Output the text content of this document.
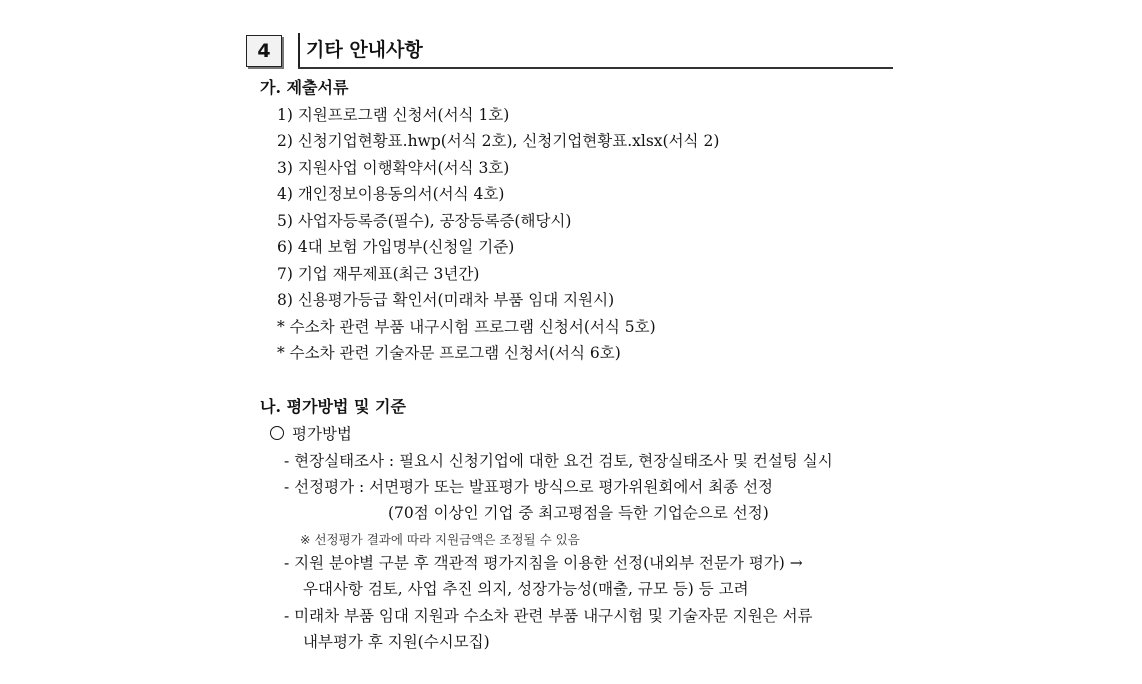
4	기타 안내사항
가. 제출서류
1) 지원프로그램 신청서(서식 1호)
2) 신청기업현황표.hwp(서식 2호), 신청기업현황표.xlsx(서식 2)
3) 지원사업 이행확약서(서식 3호)
4) 개인정보이용동의서(서식 4호)
5) 사업자등록증(필수), 공장등록증(해당시)
6) 4대 보험 가입명부(신청일 기준)
7) 기업 재무제표(최근 3년간)
8) 신용평가등급 확인서(미래차 부품 임대 지원시)
* 수소차 관련 부품 내구시험 프로그램 신청서(서식 5호)
* 수소차 관련 기술자문 프로그램 신청서(서식 6호)
나. 평가방법 및 기준
평가방법
- 현장실태조사 : 필요시 신청기업에 대한 요건 검토, 현장실태조사 및 컨설팅 실시
- 선정평가 : 서면평가 또는 발표평가 방식으로 평가위원회에서 최종 선정
(70점 이상인 기업 중 최고평점을 득한 기업순으로 선정)
※ 선정평가 결과에 따라 지원금액은 조정될 수 있음
- 지원 분야별 구분 후 객관적 평가지침을 이용한 선정(내외부 전문가 평가) →
우대사항 검토, 사업 추진 의지, 성장가능성(매출, 규모 등) 등 고려
- 미래차 부품 임대 지원과 수소차 관련 부품 내구시험 및 기술자문 지원은 서류
내부평가 후 지원(수시모집)
